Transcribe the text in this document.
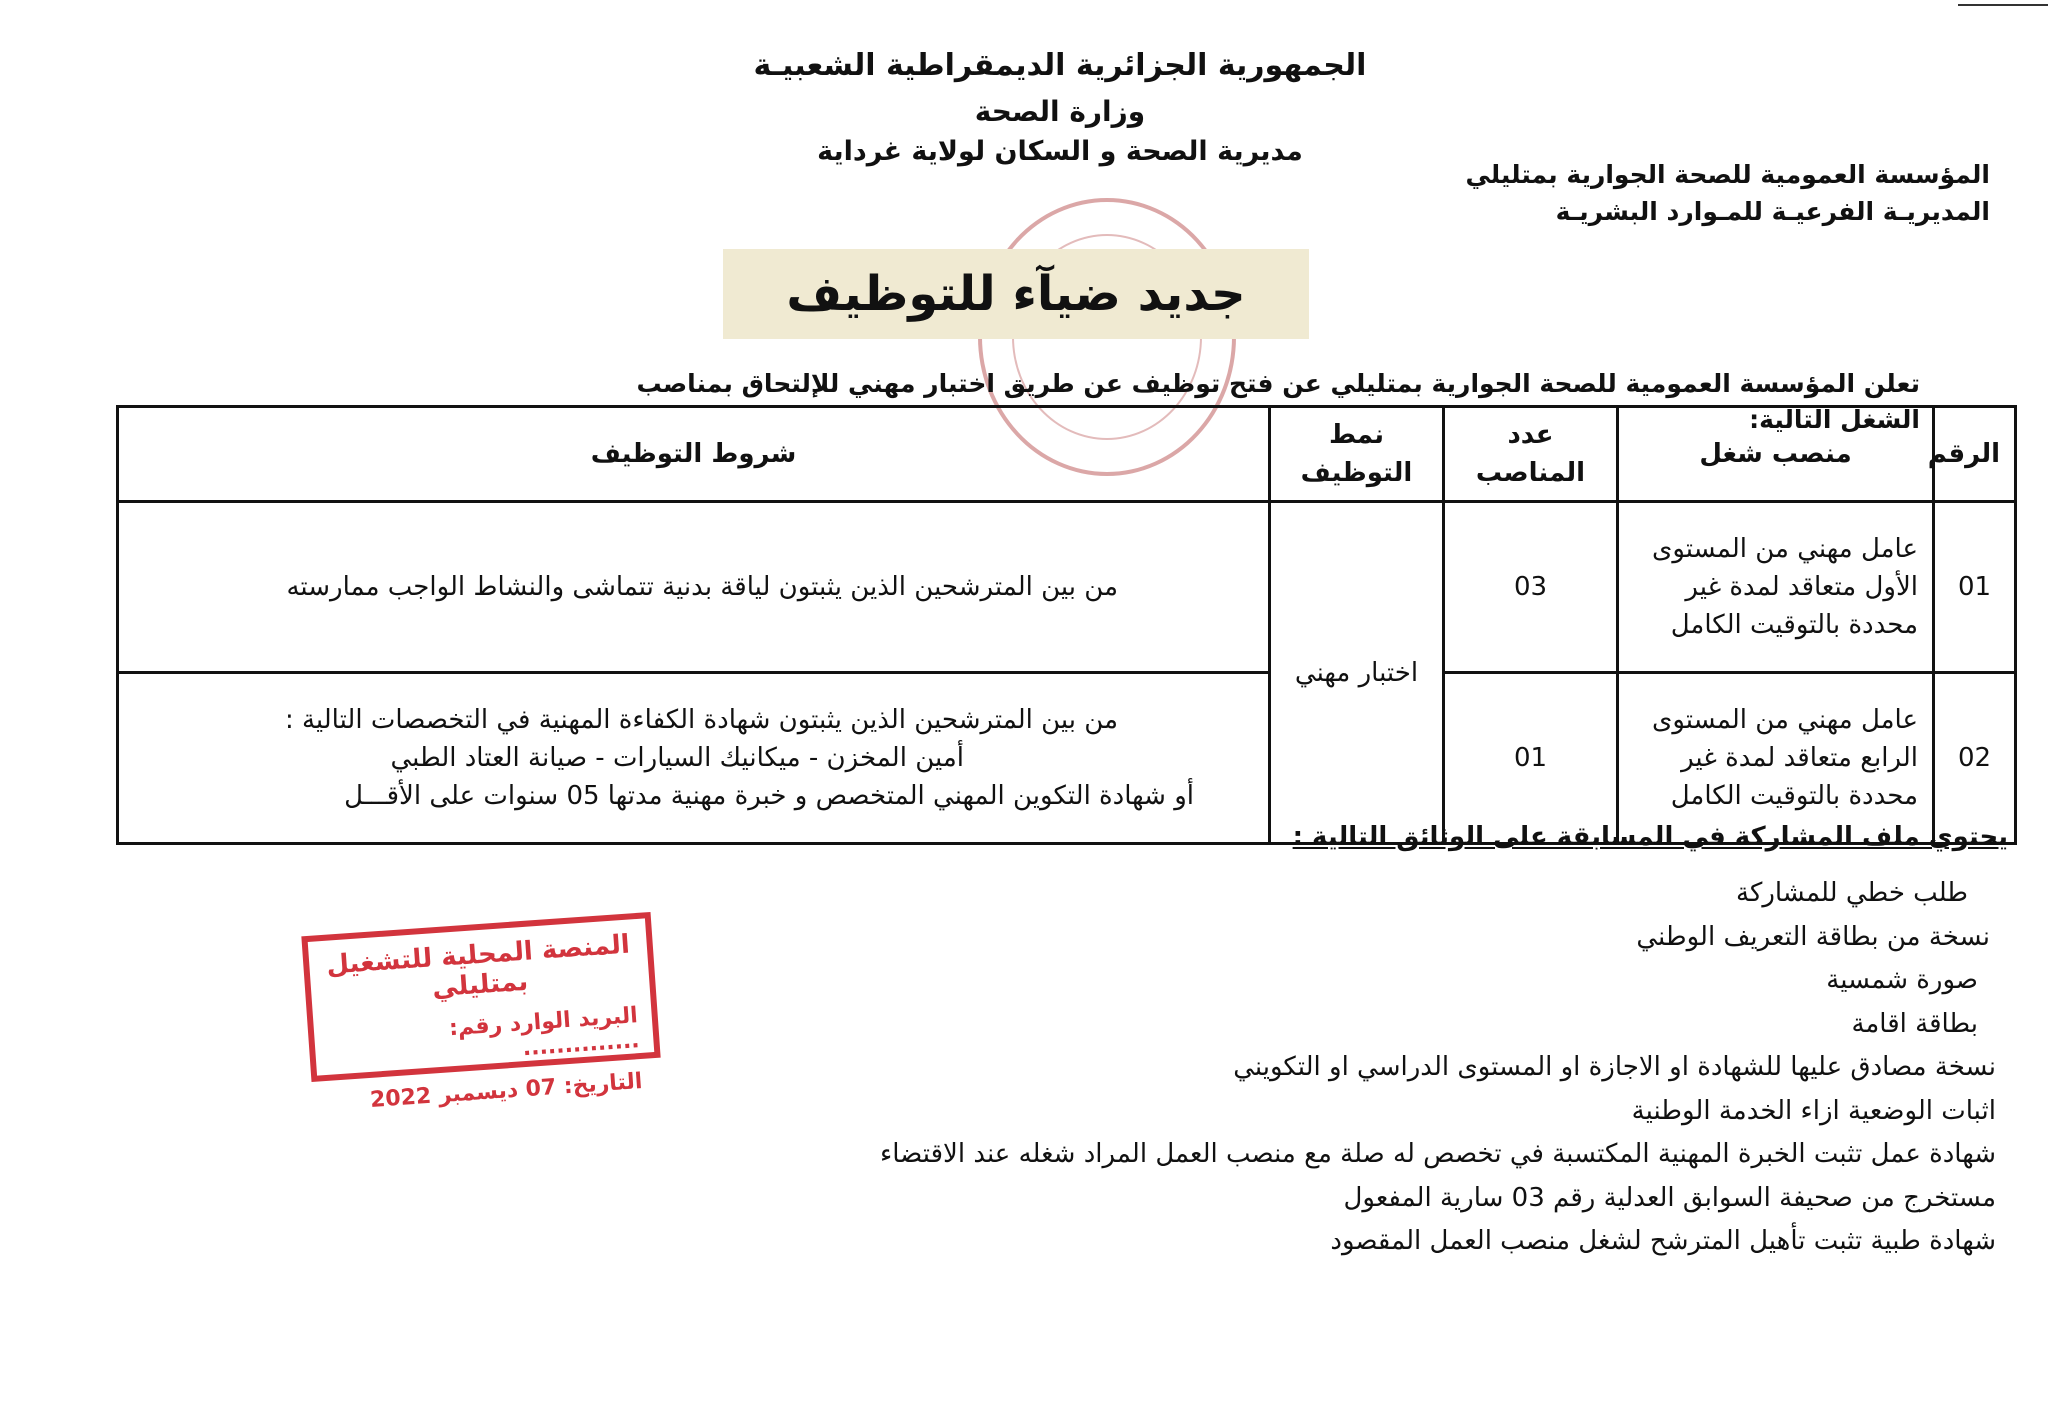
الجمهورية الجزائرية الديمقراطية الشعبيـة
وزارة الصحة
مديرية الصحة و السكان لولاية غرداية
المؤسسة العمومية للصحة الجوارية بمتليلي
المديريـة الفرعيـة للمـوارد البشريـة
جديد ضيآء للتوظيف
تعلن المؤسسة العمومية للصحة الجوارية بمتليلي عن فتح توظيف عن طريق اختبار مهني للإلتحاق بمناصب الشغل التالية:
الرقم	منصب شغل	عدد المناصب	نمط التوظيف	شروط التوظيف
01	عامل مهني من المستوى الأول متعاقد لمدة غير محددة بالتوقيت الكامل	03	اختبار مهني	من بين المترشحين الذين يثبتون لياقة بدنية تتماشى والنشاط الواجب ممارسته
02	عامل مهني من المستوى الرابع متعاقد لمدة غير محددة بالتوقيت الكامل	01		من بين المترشحين الذين يثبتون شهادة الكفاءة المهنية في التخصصات التالية :
أمين المخزن - ميكانيك السيارات - صيانة العتاد الطبي
أو شهادة التكوين المهني المتخصص و خبرة مهنية مدتها 05 سنوات على الأقـــل
يحتوي ملف المشاركة في المسابقة على الوثائق التالية :
طلب خطي للمشاركة
نسخة من بطاقة التعريف الوطني
صورة شمسية
بطاقة اقامة
نسخة مصادق عليها للشهادة او الاجازة او المستوى الدراسي او التكويني
اثبات الوضعية ازاء الخدمة الوطنية
شهادة عمل تثبت الخبرة المهنية المكتسبة في تخصص له صلة مع منصب العمل المراد شغله عند الاقتضاء
مستخرج من صحيفة السوابق العدلية رقم 03 سارية المفعول
شهادة طبية تثبت تأهيل المترشح لشغل منصب العمل المقصود
المنصة المحلية للتشغيل بمتليلي
البريد الوارد رقم: ..............
التاريخ: 07 ديسمبر 2022
